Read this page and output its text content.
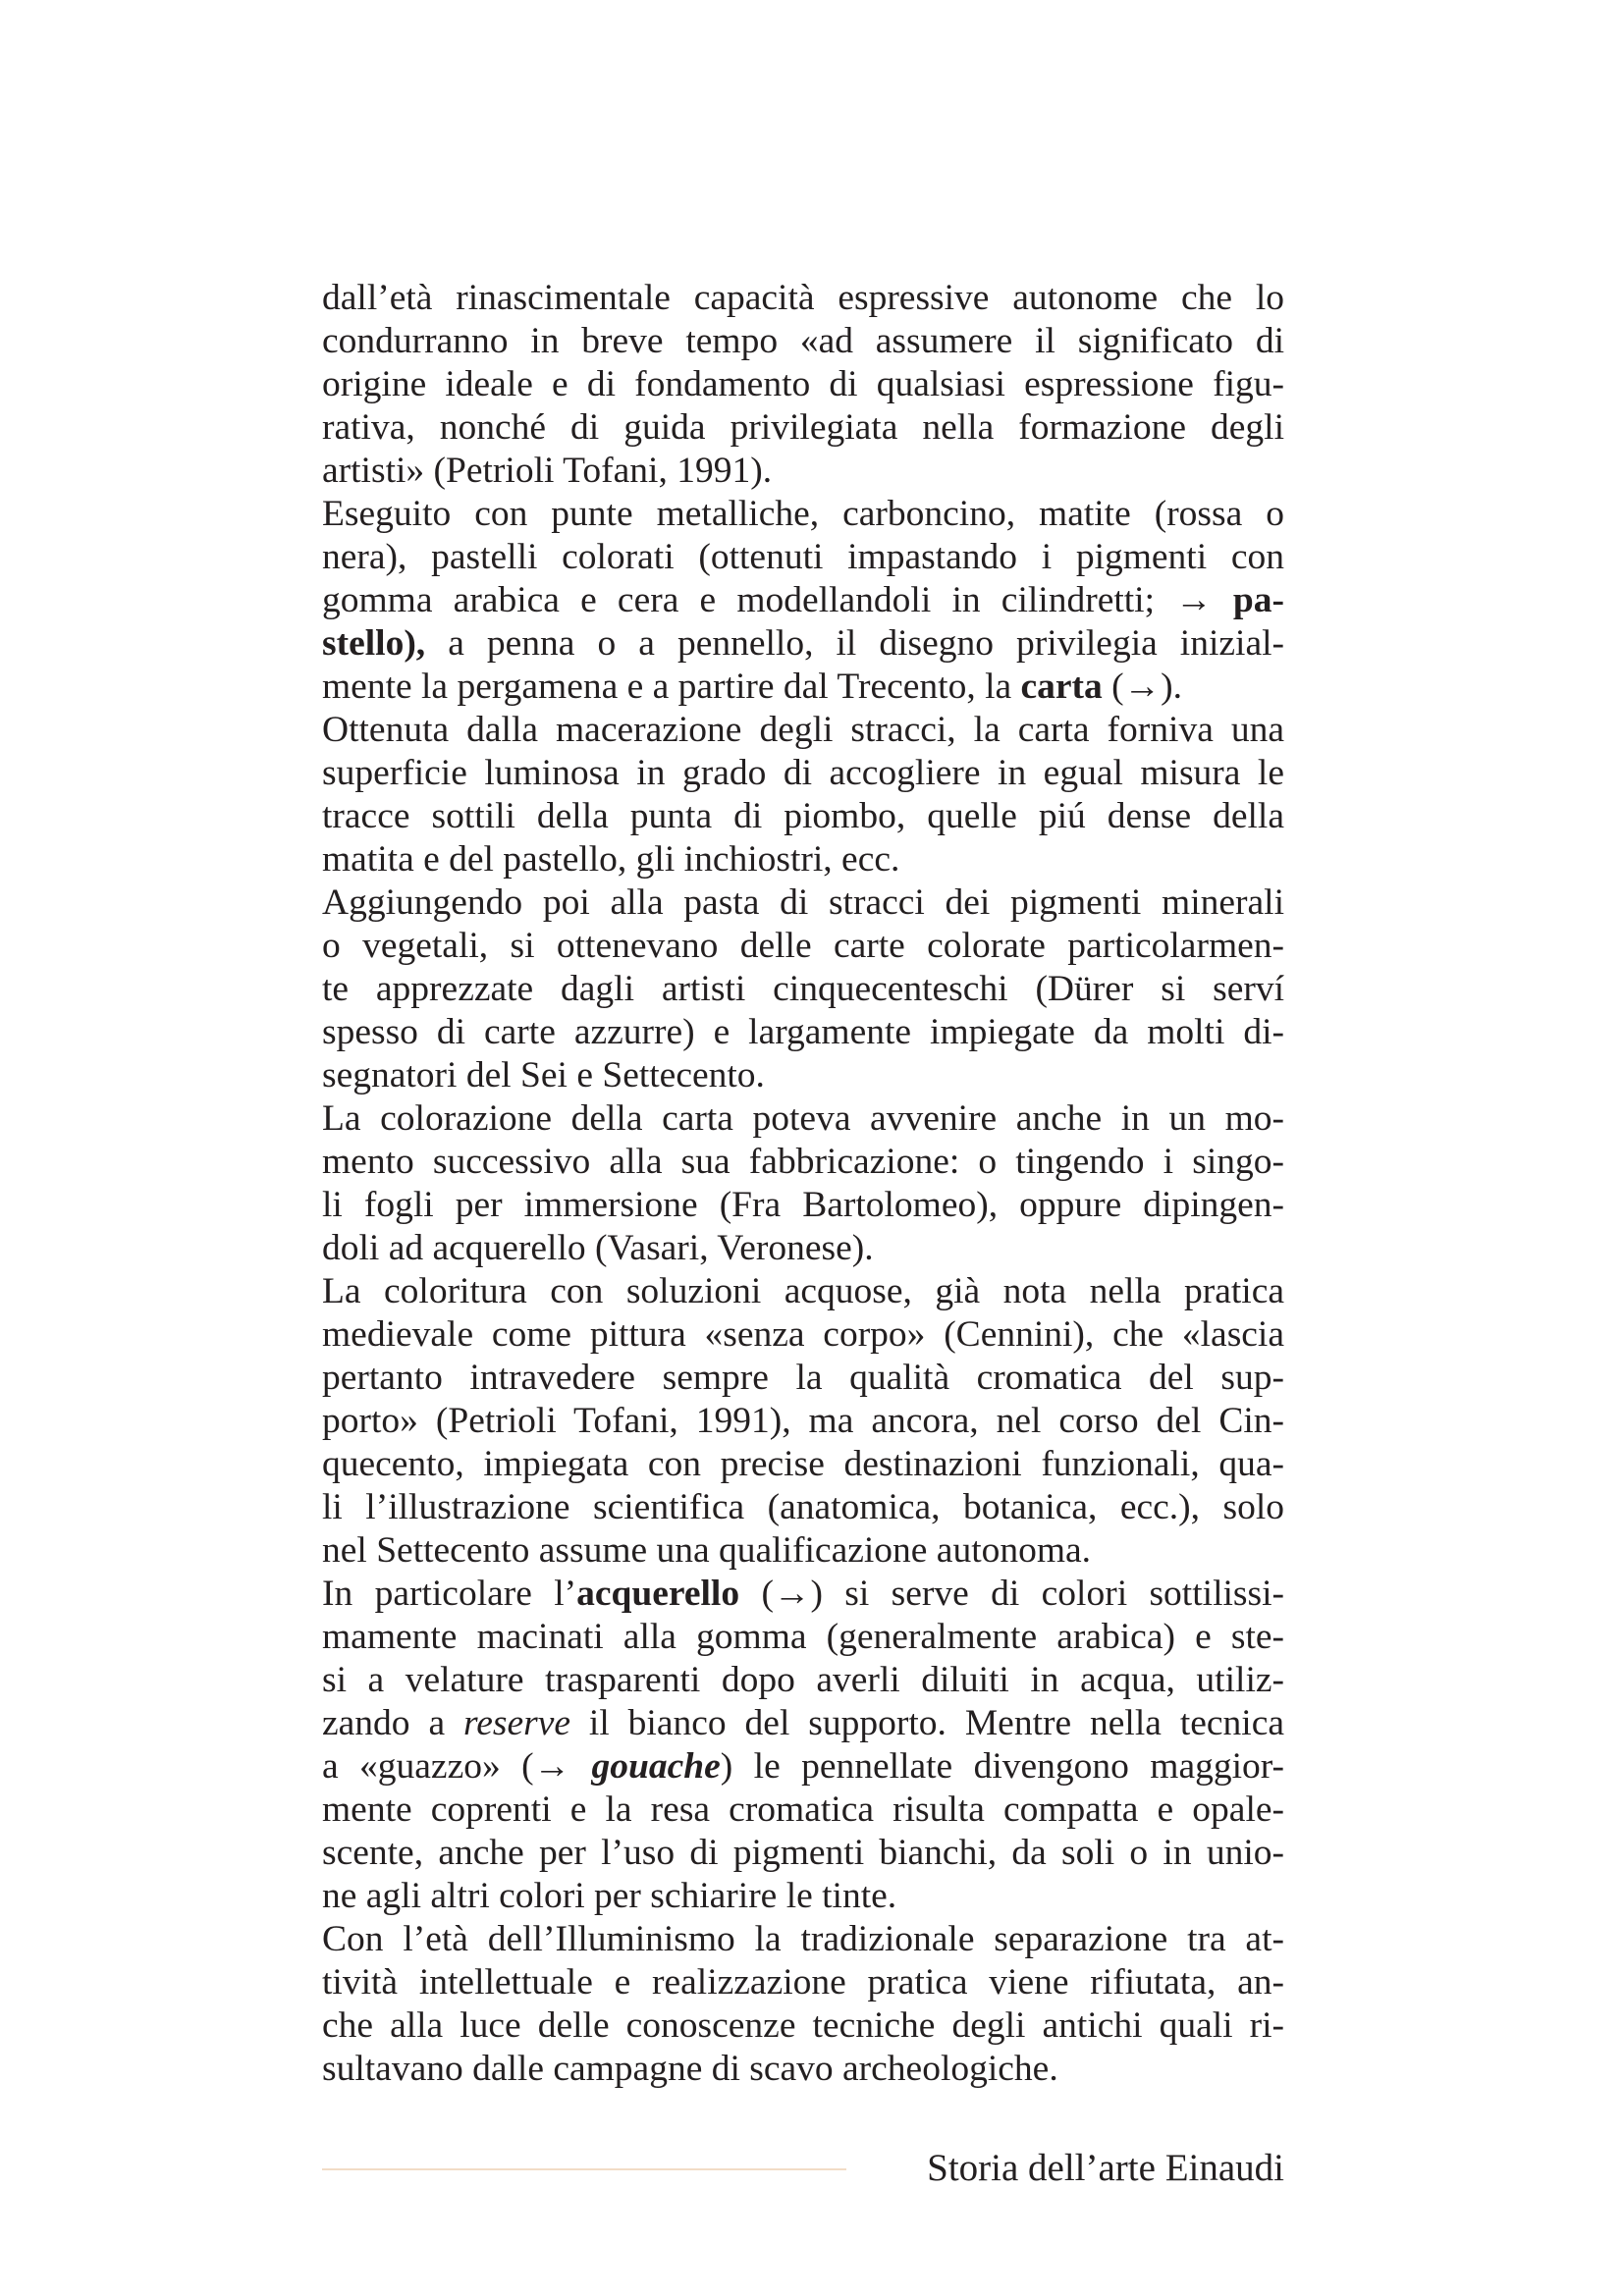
dall’età rinascimentale capacità espressive autonome che lo
condurranno in breve tempo «ad assumere il significato di
origine ideale e di fondamento di qualsiasi espressione figu-
rativa, nonché di guida privilegiata nella formazione degli
artisti» (Petrioli Tofani, 1991).
Eseguito con punte metalliche, carboncino, matite (rossa o
nera), pastelli colorati (ottenuti impastando i pigmenti con
gomma arabica e cera e modellandoli in cilindretti; → pa-
stello), a penna o a pennello, il disegno privilegia inizial-
mente la pergamena e a partire dal Trecento, la carta (→).
Ottenuta dalla macerazione degli stracci, la carta forniva una
superficie luminosa in grado di accogliere in egual misura le
tracce sottili della punta di piombo, quelle piú dense della
matita e del pastello, gli inchiostri, ecc.
Aggiungendo poi alla pasta di stracci dei pigmenti minerali
o vegetali, si ottenevano delle carte colorate particolarmen-
te apprezzate dagli artisti cinquecenteschi (Dürer si serví
spesso di carte azzurre) e largamente impiegate da molti di-
segnatori del Sei e Settecento.
La colorazione della carta poteva avvenire anche in un mo-
mento successivo alla sua fabbricazione: o tingendo i singo-
li fogli per immersione (Fra Bartolomeo), oppure dipingen-
doli ad acquerello (Vasari, Veronese).
La coloritura con soluzioni acquose, già nota nella pratica
medievale come pittura «senza corpo» (Cennini), che «lascia
pertanto intravedere sempre la qualità cromatica del sup-
porto» (Petrioli Tofani, 1991), ma ancora, nel corso del Cin-
quecento, impiegata con precise destinazioni funzionali, qua-
li l’illustrazione scientifica (anatomica, botanica, ecc.), solo
nel Settecento assume una qualificazione autonoma.
In particolare l’acquerello (→) si serve di colori sottilissi-
mamente macinati alla gomma (generalmente arabica) e ste-
si a velature trasparenti dopo averli diluiti in acqua, utiliz-
zando a reserve il bianco del supporto. Mentre nella tecnica
a «guazzo» (→ gouache) le pennellate divengono maggior-
mente coprenti e la resa cromatica risulta compatta e opale-
scente, anche per l’uso di pigmenti bianchi, da soli o in unio-
ne agli altri colori per schiarire le tinte.
Con l’età dell’Illuminismo la tradizionale separazione tra at-
tività intellettuale e realizzazione pratica viene rifiutata, an-
che alla luce delle conoscenze tecniche degli antichi quali ri-
sultavano dalle campagne di scavo archeologiche.
Storia dell’arte Einaudi
